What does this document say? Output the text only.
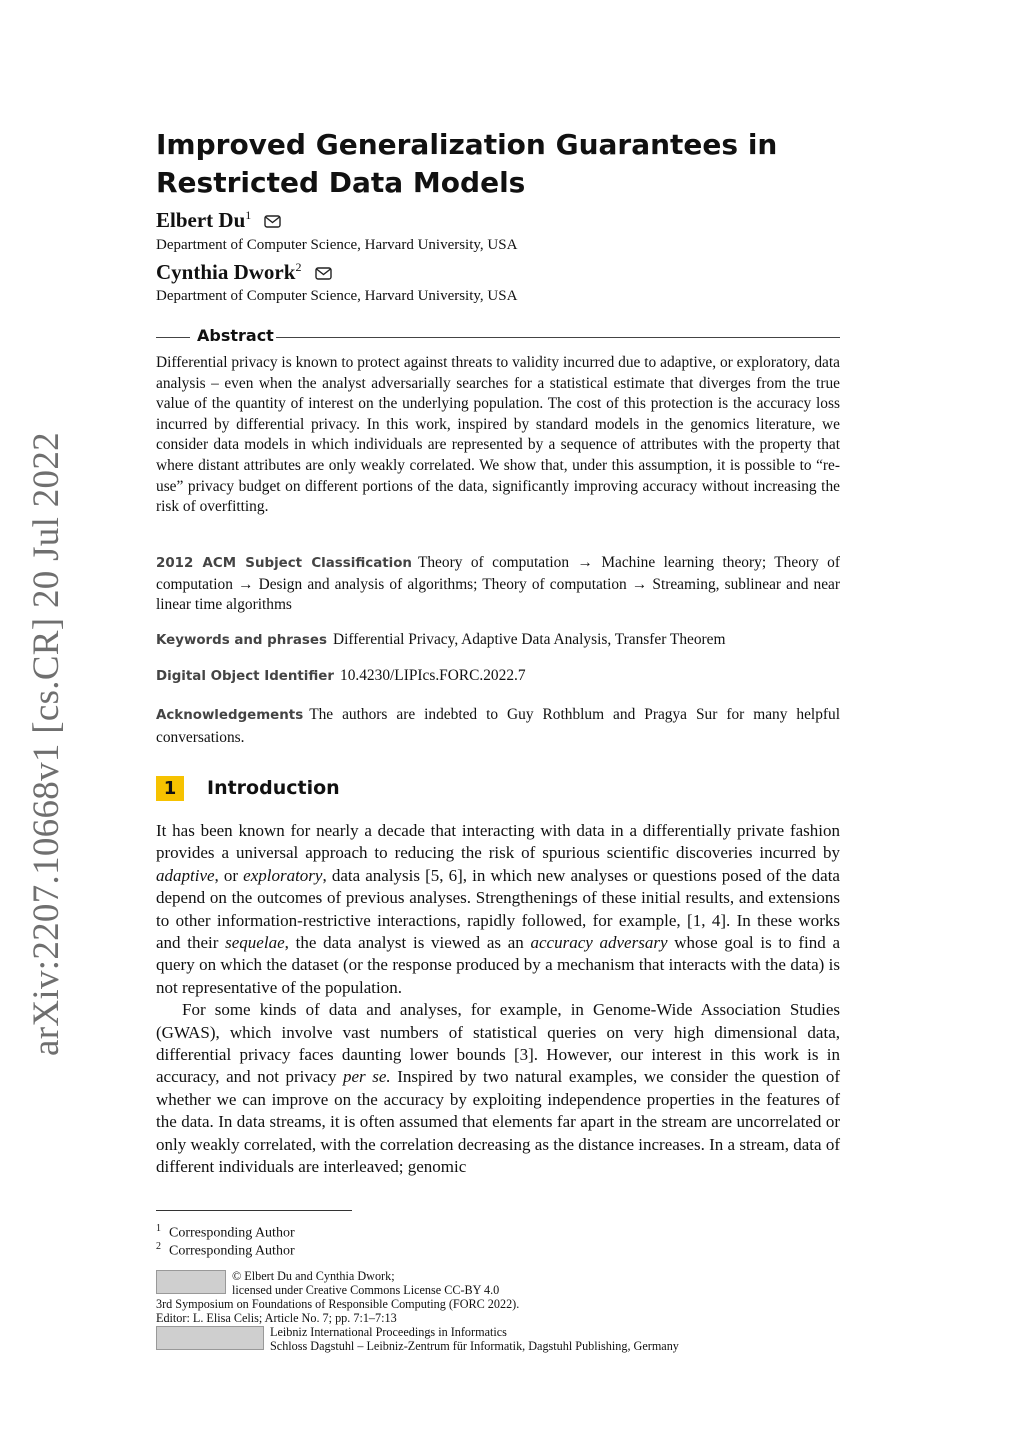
arXiv:2207.10668v1 [cs.CR] 20 Jul 2022
Improved Generalization Guarantees in Restricted Data Models
Elbert Du$^1$
Department of Computer Science, Harvard University, USA
Cynthia Dwork$^2$
Department of Computer Science, Harvard University, USA
Abstract
Differential privacy is known to protect against threats to validity incurred due to adaptive, or exploratory, data analysis – even when the analyst adversarially searches for a statistical estimate that diverges from the true value of the quantity of interest on the underlying population. The cost of this protection is the accuracy loss incurred by differential privacy. In this work, inspired by standard models in the genomics literature, we consider data models in which individuals are represented by a sequence of attributes with the property that where distant attributes are only weakly correlated. We show that, under this assumption, it is possible to “re-use” privacy budget on different portions of the data, significantly improving accuracy without increasing the risk of overfitting.
2012 ACM Subject Classification Theory of computation → Machine learning theory; Theory of computation → Design and analysis of algorithms; Theory of computation → Streaming, sublinear and near linear time algorithms
Keywords and phrases Differential Privacy, Adaptive Data Analysis, Transfer Theorem
Digital Object Identifier 10.4230/LIPIcs.FORC.2022.7
Acknowledgements The authors are indebted to Guy Rothblum and Pragya Sur for many helpful conversations.
1	Introduction

It has been known for nearly a decade that interacting with data in a differentially private fashion provides a universal approach to reducing the risk of spurious scientific discoveries incurred by adaptive, or exploratory, data analysis [5, 6], in which new analyses or questions posed of the data depend on the outcomes of previous analyses. Strengthenings of these initial results, and extensions to other information-restrictive interactions, rapidly followed, for example, [1, 4]. In these works and their sequelae, the data analyst is viewed as an accuracy adversary whose goal is to find a query on which the dataset (or the response produced by a mechanism that interacts with the data) is not representative of the population.

For some kinds of data and analyses, for example, in Genome-Wide Association Studies (GWAS), which involve vast numbers of statistical queries on very high dimensional data, differential privacy faces daunting lower bounds [3]. However, our interest in this work is in accuracy, and not privacy per se. Inspired by two natural examples, we consider the question of whether we can improve on the accuracy by exploiting independence properties in the features of the data. In data streams, it is often assumed that elements far apart in the stream are uncorrelated or only weakly correlated, with the correlation decreasing as the distance increases. In a stream, data of different individuals are interleaved; genomic

$^1$ Corresponding Author
$^2$ Corresponding Author
© Elbert Du and Cynthia Dwork;
licensed under Creative Commons License CC-BY 4.0
3rd Symposium on Foundations of Responsible Computing (FORC 2022).
Editor: L. Elisa Celis; Article No. 7; pp. 7:1–7:13
Leibniz International Proceedings in Informatics
Schloss Dagstuhl – Leibniz-Zentrum für Informatik, Dagstuhl Publishing, Germany
